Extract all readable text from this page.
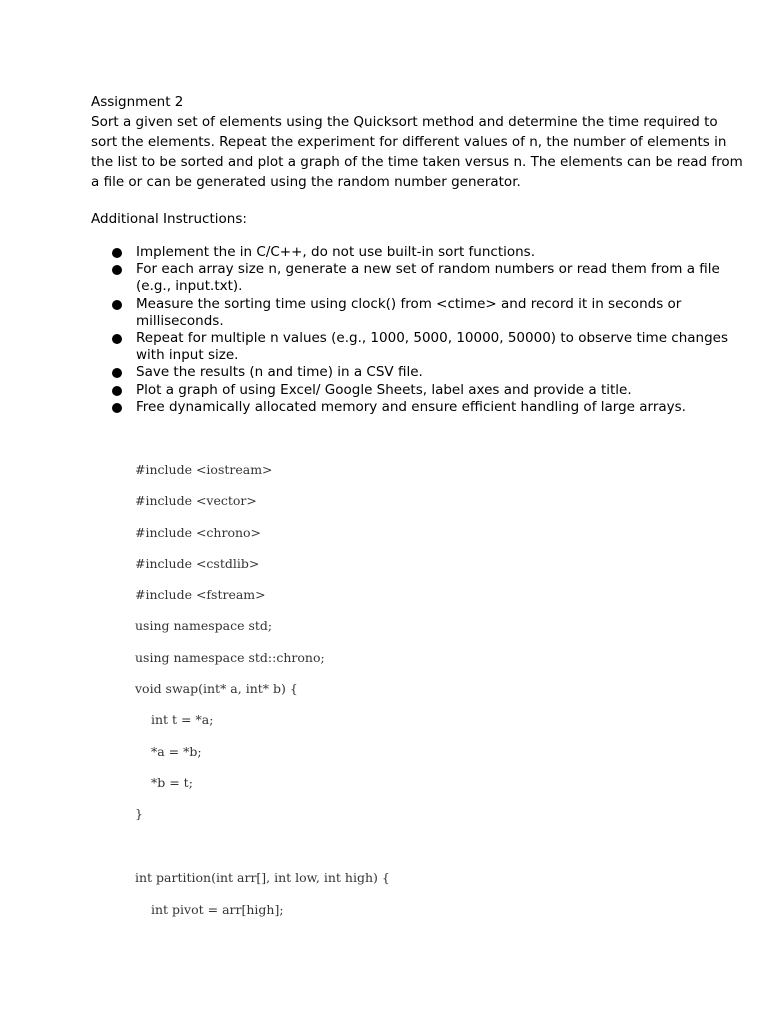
Assignment 2

Sort a given set of elements using the Quicksort method and determine the time required to
sort the elements. Repeat the experiment for different values of n, the number of elements in
the list to be sorted and plot a graph of the time taken versus n. The elements can be read from
a file or can be generated using the random number generator.

Additional Instructions:
Implement the in C/C++, do not use built-in sort functions.
For each array size n, generate a new set of random numbers or read them from a file
(e.g., input.txt).
Measure the sorting time using clock() from <ctime> and record it in seconds or
milliseconds.
Repeat for multiple n values (e.g., 1000, 5000, 10000, 50000) to observe time changes
with input size.
Save the results (n and time) in a CSV file.
Plot a graph of using Excel/ Google Sheets, label axes and provide a title.
Free dynamically allocated memory and ensure efficient handling of large arrays.
#include <iostream>
#include <vector>
#include <chrono>
#include <cstdlib>
#include <fstream>
using namespace std;
using namespace std::chrono;
void swap(int* a, int* b) {
int t = *a;
*a = *b;
*b = t;
}
int partition(int arr[], int low, int high) {
int pivot = arr[high];
